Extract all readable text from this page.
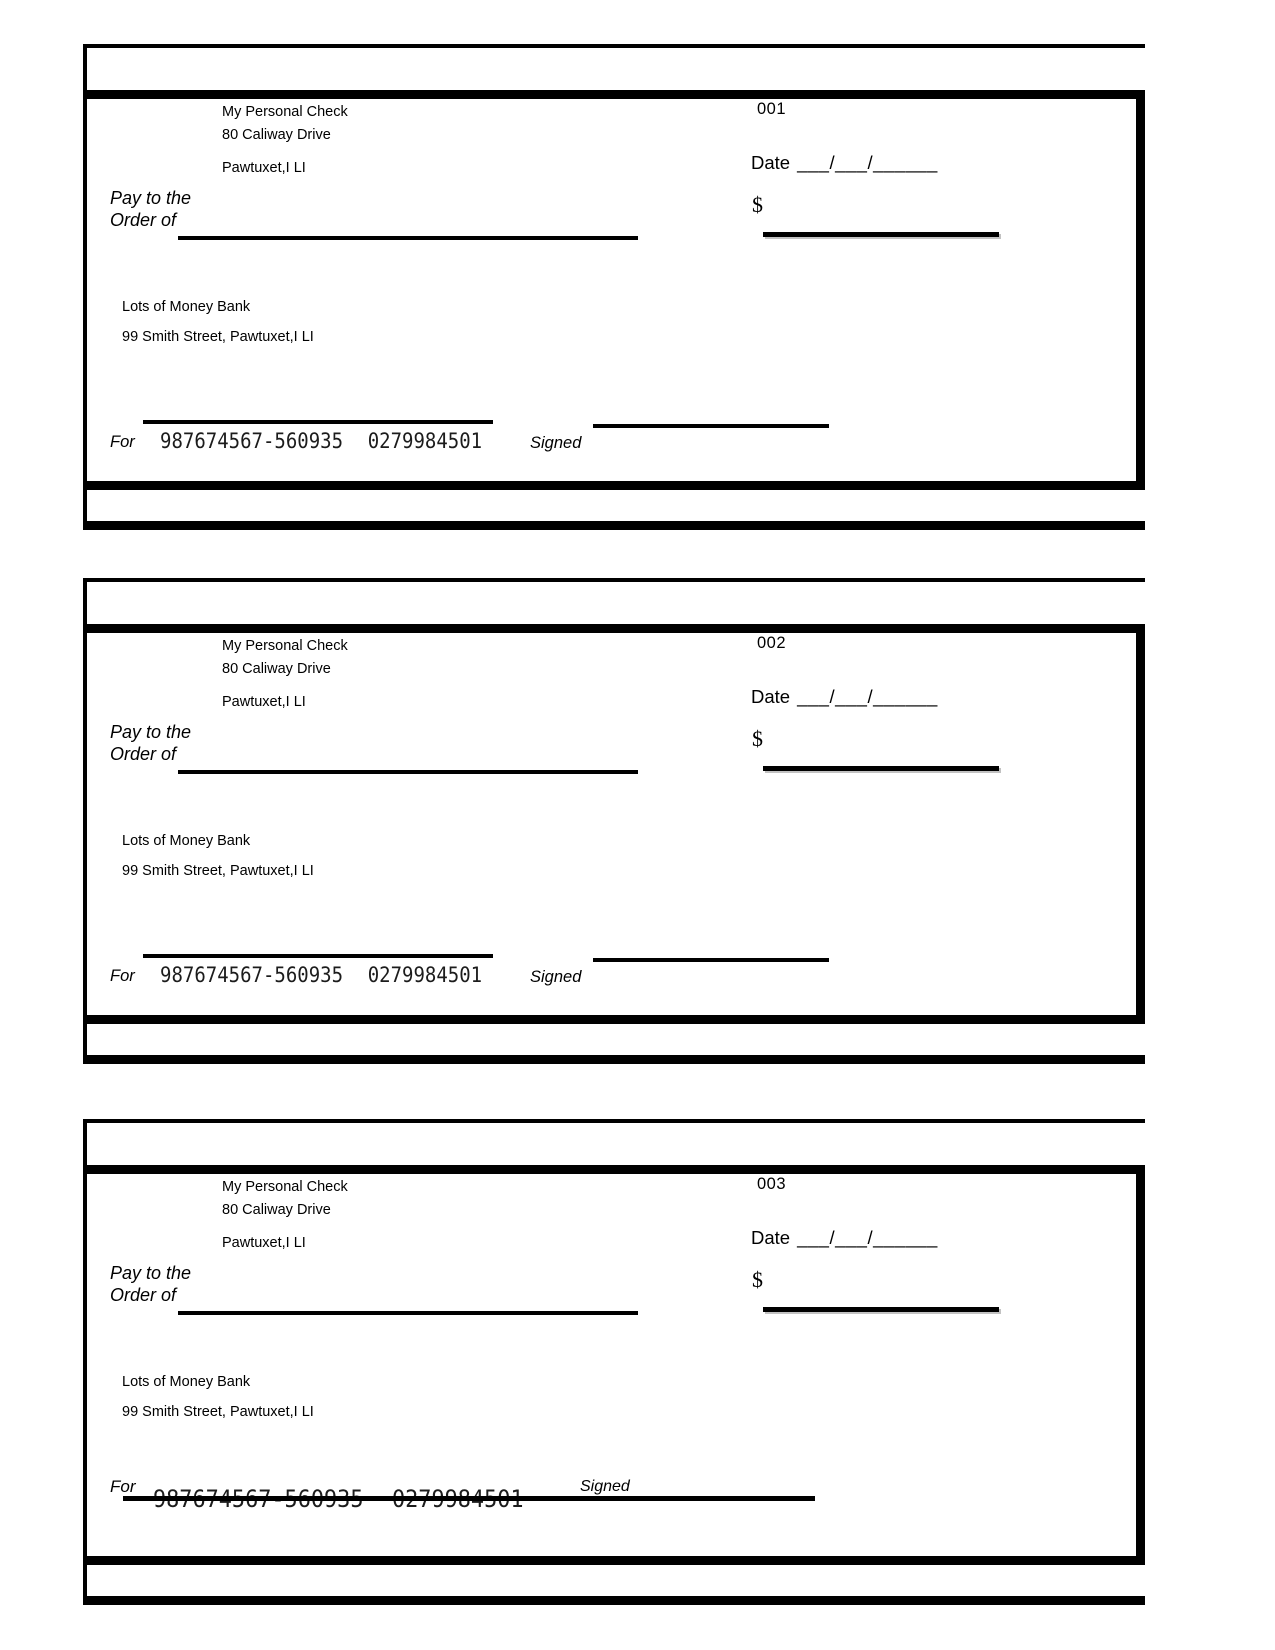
My Personal Check
80 Caliway Drive
Pawtuxet,I LI
001
Date ___/___/______
Pay to the
Order of
$
Lots of Money Bank
99 Smith Street, Pawtuxet,I LI
For 987674567-560935 0279984501	Signed
My Personal Check
80 Caliway Drive
Pawtuxet,I LI
002
Date ___/___/______
Pay to the
Order of
$
Lots of Money Bank
99 Smith Street, Pawtuxet,I LI
For 987674567-560935 0279984501	Signed
My Personal Check
80 Caliway Drive
Pawtuxet,I LI
003
Date ___/___/______
Pay to the
Order of
$
Lots of Money Bank
99 Smith Street, Pawtuxet,I LI
For	Signed
